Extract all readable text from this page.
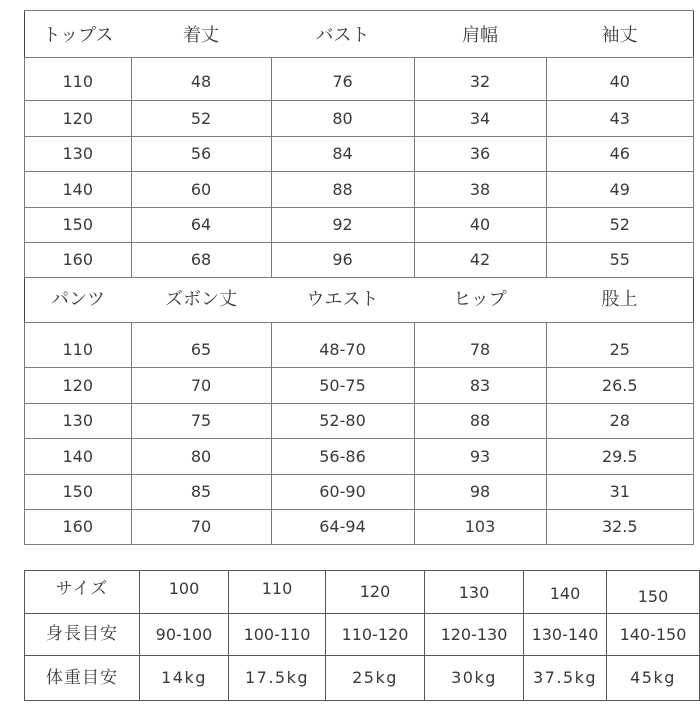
トップス	着丈	バスト	肩幅	袖丈
110	48	76	32	40
120	52	80	34	43
130	56	84	36	46
140	60	88	38	49
150	64	92	40	52
160	68	96	42	55
パンツ	ズボン丈	ウエスト	ヒップ	股上
110	65	48-70	78	25
120	70	50-75	83	26.5
130	75	52-80	88	28
140	80	56-86	93	29.5
150	85	60-90	98	31
160	70	64-94	103	32.5
サイズ	100	110	120	130	140	150
身長目安	90-100	100-110	110-120	120-130	130-140	140-150
体重目安	14kg	17.5kg	25kg	30kg	37.5kg	45kg
